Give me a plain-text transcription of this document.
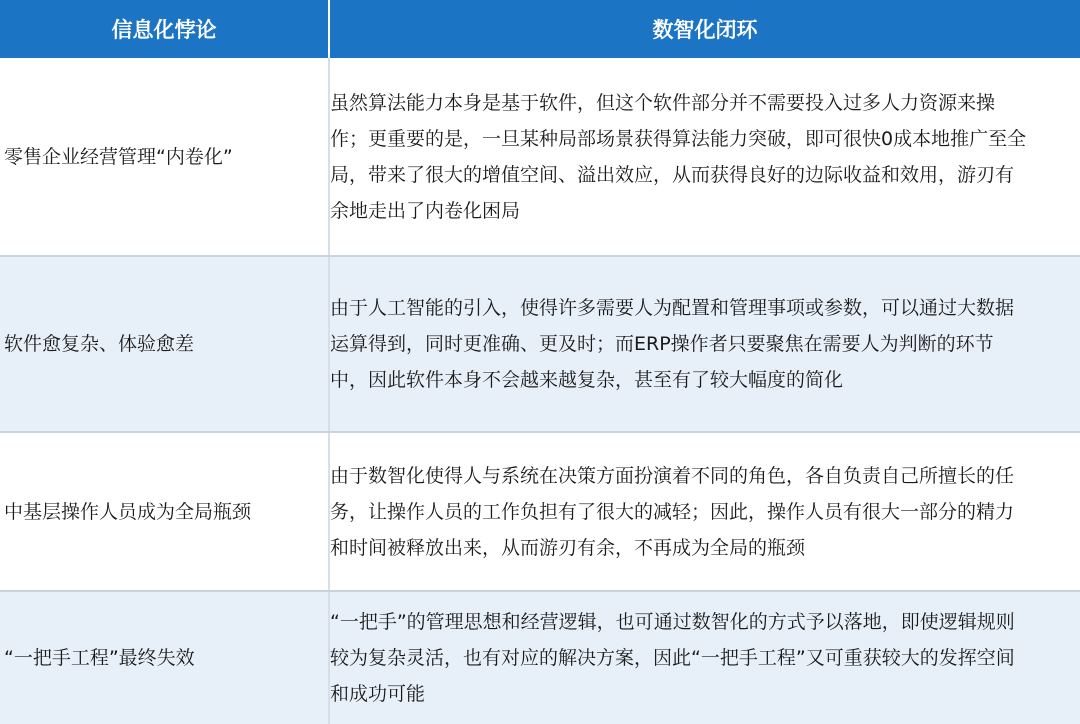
信息化悖论	数智化闭环
零售企业经营管理“内卷化”
虽然算法能力本身是基于软件，但这个软件部分并不需要投入过多人力资源来操作；更重要的是，一旦某种局部场景获得算法能力突破，即可很快0成本地推广至全局，带来了很大的增值空间、溢出效应，从而获得良好的边际收益和效用，游刃有余地走出了内卷化困局
软件愈复杂、体验愈差
由于人工智能的引入，使得许多需要人为配置和管理事项或参数，可以通过大数据运算得到，同时更准确、更及时；而ERP操作者只要聚焦在需要人为判断的环节中，因此软件本身不会越来越复杂，甚至有了较大幅度的简化
中基层操作人员成为全局瓶颈
由于数智化使得人与系统在决策方面扮演着不同的角色，各自负责自己所擅长的任务，让操作人员的工作负担有了很大的减轻；因此，操作人员有很大一部分的精力和时间被释放出来，从而游刃有余，不再成为全局的瓶颈
“一把手工程”最终失效
“一把手”的管理思想和经营逻辑，也可通过数智化的方式予以落地，即使逻辑规则较为复杂灵活，也有对应的解决方案，因此“一把手工程”又可重获较大的发挥空间和成功可能
